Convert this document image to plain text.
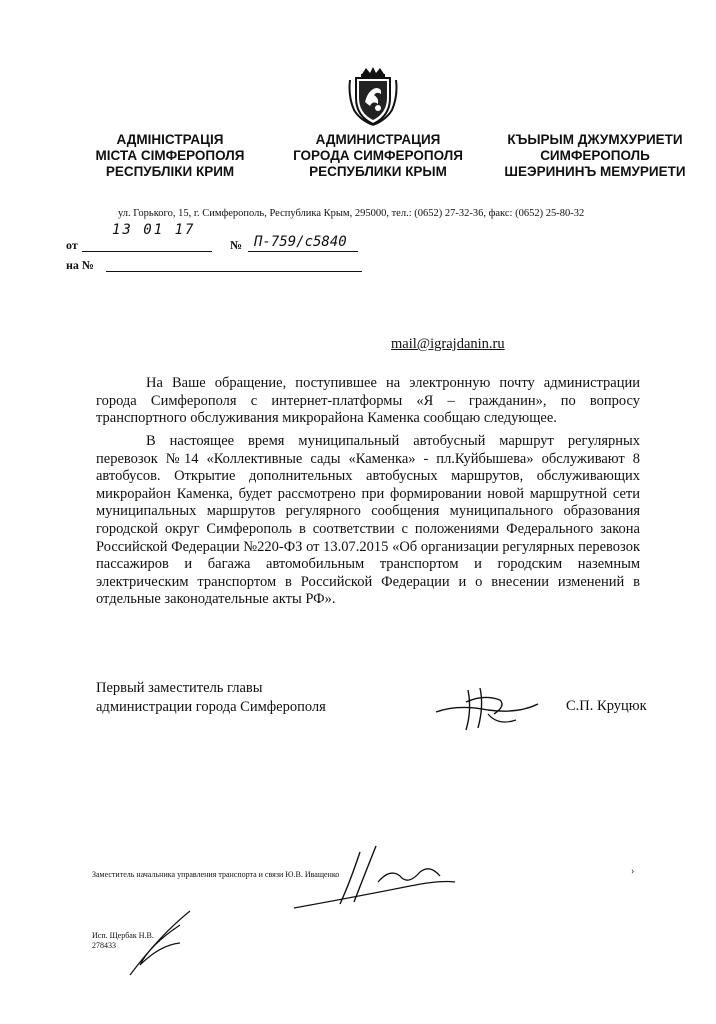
АДМІНІСТРАЦІЯ
МІСТА СІМФЕРОПОЛЯ
РЕСПУБЛІКИ КРИМ
АДМИНИСТРАЦИЯ
ГОРОДА СИМФЕРОПОЛЯ
РЕСПУБЛИКИ КРЫМ
КЪЫРЫМ ДЖУМХУРИЕТИ
СИМФЕРОПОЛЬ
ШЕЭРИНИНЪ МЕМУРИЕТИ
ул. Горького, 15, г. Симферополь, Республика Крым, 295000, тел.: (0652) 27-32-36, факс: (0652) 25-80-32
от
13 01 17
№ П-759/с5840
на №
mail@igrajdanin.ru
На Ваше обращение, поступившее на электронную почту администрации города Симферополя с интернет-платформы «Я – гражданин», по вопросу транспортного обслуживания микрорайона Каменка сообщаю следующее.
В настоящее время муниципальный автобусный маршрут регулярных перевозок №14 «Коллективные сады «Каменка» - пл.Куйбышева» обслуживают 8 автобусов. Открытие дополнительных автобусных маршрутов, обслуживающих микрорайон Каменка, будет рассмотрено при формировании новой маршрутной сети муниципальных маршрутов регулярного сообщения муниципального образования городской округ Симферополь в соответствии с положениями Федерального закона Российской Федерации №220-ФЗ от 13.07.2015 «Об организации регулярных перевозок пассажиров и багажа автомобильным транспортом и городским наземным электрическим транспортом в Российской Федерации и о внесении изменений в отдельные законодательные акты РФ».
Первый заместитель главы
администрации города Симферополя	С.П. Круцюк
Заместитель начальника управления транспорта и связи Ю.В. Иващенко	›
Исп. Щербак Н.В.
278433
